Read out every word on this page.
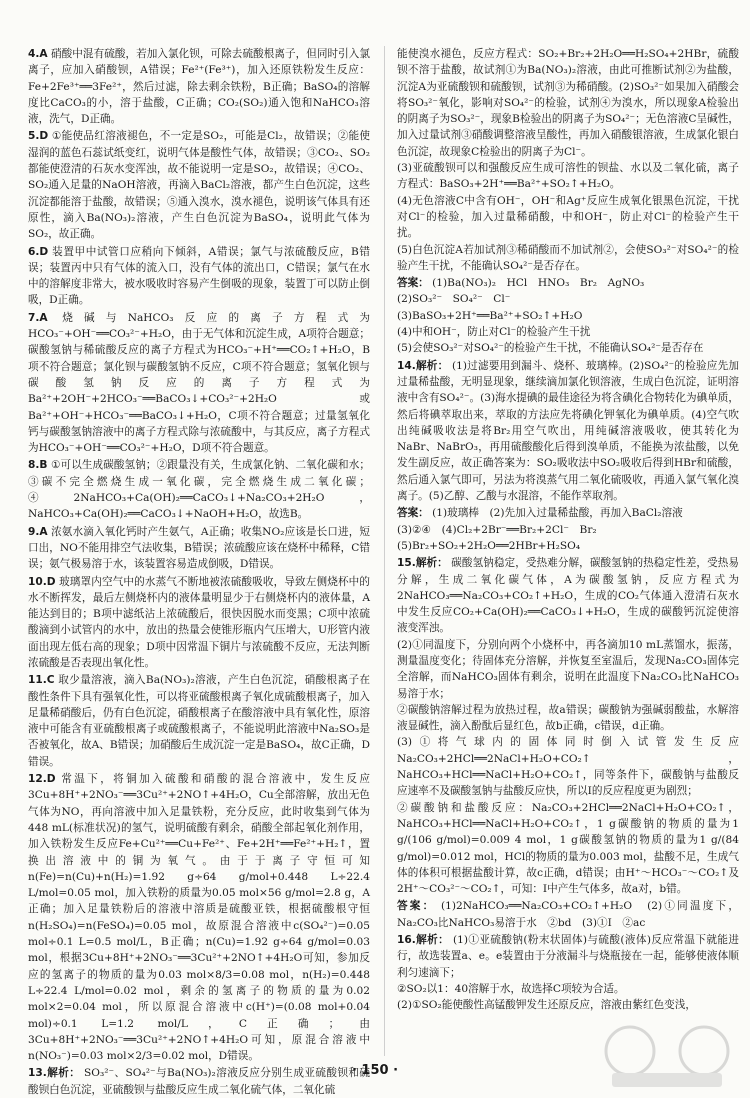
4.A 硝酸中混有硫酸，若加入氯化钡，可除去硫酸根离子，但同时引入氯离子，应加入硝酸钡，A错误；Fe²⁺(Fe³⁺)，加入还原铁粉发生反应：Fe+2Fe³⁺══3Fe²⁺，然后过滤，除去剩余铁粉，B正确；BaSO₄的溶解度比CaCO₃的小，溶于盐酸，C正确；CO₂(SO₂)通入饱和NaHCO₃溶液，洗气，D正确。
5.D ①能使品红溶液褪色，不一定是SO₂，可能是Cl₂，故错误；②能使湿润的蓝色石蕊试纸变红，说明气体是酸性气体，故错误；③CO₂、SO₂都能使澄清的石灰水变浑浊，故不能说明一定是SO₂，故错误；④CO₂、SO₂通入足量的NaOH溶液，再滴入BaCl₂溶液，都产生白色沉淀，这些沉淀都能溶于盐酸，故错误；⑤通入溴水，溴水褪色，说明该气体具有还原性，滴入Ba(NO₃)₂溶液，产生白色沉淀为BaSO₄，说明此气体为SO₂，故正确。
6.D 装置甲中试管口应稍向下倾斜，A错误；氯气与浓硫酸反应，B错误；装置丙中只有气体的流入口，没有气体的流出口，C错误；氯气在水中的溶解度非常大，被水吸收时容易产生倒吸的现象，装置丁可以防止倒吸，D正确。
7.A 烧碱与NaHCO₃反应的离子方程式为HCO₃⁻+OH⁻══CO₃²⁻+H₂O，由于无气体和沉淀生成，A项符合题意；碳酸氢钠与稀硫酸反应的离子方程式为HCO₃⁻+H⁺══CO₂↑+H₂O，B项不符合题意；氯化钡与碳酸氢钠不反应，C项不符合题意；氢氧化钡与碳酸氢钠反应的离子方程式为Ba²⁺+2OH⁻+2HCO₃⁻══BaCO₃↓+CO₃²⁻+2H₂O或Ba²⁺+OH⁻+HCO₃⁻══BaCO₃↓+H₂O，C项不符合题意；过量氢氧化钙与碳酸氢钠溶液中的离子方程式除与浓硫酸中，与其反应，离子方程式为HCO₃⁻+OH⁻══CO₃²⁻+H₂O，D项不符合题意。
8.B ①可以生成碳酸氢钠；②跟量没有关，生成氯化钠、二氧化碳和水；③碳不完全燃烧生成一氧化碳，完全燃烧生成二氧化碳；④2NaHCO₃+Ca(OH)₂══CaCO₃↓+Na₂CO₃+2H₂O，NaHCO₃+Ca(OH)₂══CaCO₃↓+NaOH+H₂O，故选B。
9.A 浓氨水滴入氧化钙时产生氨气，A正确；收集NO₂应该是长口进，短口出，NO不能用排空气法收集，B错误；浓硫酸应该在烧杯中稀释，C错误；氨气极易溶于水，该装置容易造成倒吸，D错误。
10.D 玻璃罩内空气中的水蒸气不断地被浓硫酸吸收，导致左侧烧杯中的水不断挥发，最后左侧烧杯内的液体量明显少于右侧烧杯内的液体量，A能达到目的；B项中滤纸沾上浓硫酸后，很快因脱水而变黑；C项中浓硫酸滴到小试管内的水中，放出的热量会使锥形瓶内气压增大，U形管内液面出现左低右高的现象；D项中因常温下铜片与浓硫酸不反应，无法判断浓硫酸是否表现出氧化性。
11.C 取少量溶液，滴入Ba(NO₃)₂溶液，产生白色沉淀，硝酸根离子在酸性条件下具有强氧化性，可以将亚硫酸根离子氧化成硫酸根离子，加入足量稀硝酸后，仍有白色沉淀，硝酸根离子在酸溶液中具有氧化性，原溶液中可能含有亚硫酸根离子或硫酸根离子，不能说明此溶液中Na₂SO₃是否被氧化，故A、B错误；加硝酸后生成沉淀一定是BaSO₄，故C正确，D错误。
12.D 常温下，将铜加入硫酸和硝酸的混合溶液中，发生反应3Cu+8H⁺+2NO₃⁻══3Cu²⁺+2NO↑+4H₂O，Cu全部溶解，放出无色气体为NO，再向溶液中加入足量铁粉，充分反应，此时收集到气体为448 mL(标准状况)的氢气，说明硫酸有剩余，硝酸全部起氧化剂作用，加入铁粉发生反应Fe+Cu²⁺══Cu+Fe²⁺、Fe+2H⁺══Fe²⁺+H₂↑，置换出溶液中的铜为氧气。由于于离子守恒可知n(Fe)=n(Cu)+n(H₂)=1.92 g÷64 g/mol+0.448 L÷22.4 L/mol=0.05 mol，加入铁粉的质量为0.05 mol×56 g/mol=2.8 g，A正确；加入足量铁粉后的溶液中溶质是硫酸亚铁，根据硫酸根守恒n(H₂SO₄)=n(FeSO₄)=0.05 mol，故原混合溶液中c(SO₄²⁻)=0.05 mol÷0.1 L=0.5 mol/L，B正确；n(Cu)=1.92 g÷64 g/mol=0.03 mol，根据3Cu+8H⁺+2NO₃⁻══3Cu²⁺+2NO↑+4H₂O可知，参加反应的氢离子的物质的量为0.03 mol×8/3=0.08 mol，n(H₂)=0.448 L÷22.4 L/mol=0.02 mol，剩余的氢离子的物质的量为0.02 mol×2=0.04 mol，所以原混合溶液中c(H⁺)=(0.08 mol+0.04 mol)÷0.1 L=1.2 mol/L，C正确；由3Cu+8H⁺+2NO₃⁻══3Cu²⁺+2NO↑+4H₂O可知，原混合溶液中n(NO₃⁻)=0.03 mol×2/3=0.02 mol，D错误。
13.解析： SO₃²⁻、SO₄²⁻与Ba(NO₃)₂溶液反应分别生成亚硫酸钡和硫酸钡白色沉淀，亚硫酸钡与盐酸反应生成二氧化硫气体，二氧化硫
能使溴水褪色，反应方程式：SO₂+Br₂+2H₂O══H₂SO₄+2HBr，硫酸钡不溶于盐酸，故试剂①为Ba(NO₃)₂溶液，由此可推断试剂②为盐酸，沉淀A为亚硫酸钡和硫酸钡，试剂③为稀硝酸。(2)SO₃²⁻如果加入硝酸会将SO₃²⁻氧化，影响对SO₄²⁻的检验，试剂④为溴水，所以现象A检验出的阴离子为SO₃²⁻，现象B检验出的阴离子为SO₄²⁻；无色溶液C呈碱性，加入过量试剂③硝酸调整溶液呈酸性，再加入硝酸银溶液，生成氯化银白色沉淀，故现象C检验出的阴离子为Cl⁻。
(3)亚硫酸钡可以和强酸反应生成可溶性的钡盐、水以及二氧化硫，离子方程式：BaSO₃+2H⁺══Ba²⁺+SO₂↑+H₂O。
(4)无色溶液C中含有OH⁻，OH⁻和Ag⁺反应生成氧化银黑色沉淀，干扰对Cl⁻的检验，加入过量稀硝酸，中和OH⁻，防止对Cl⁻的检验产生干扰。
(5)白色沉淀A若加试剂③稀硝酸而不加试剂②，会使SO₃²⁻对SO₄²⁻的检验产生干扰，不能确认SO₄²⁻是否存在。
答案： (1)Ba(NO₃)₂　HCl　HNO₃　Br₂　AgNO₃
(2)SO₃²⁻　SO₄²⁻　Cl⁻
(3)BaSO₃+2H⁺══Ba²⁺+SO₂↑+H₂O
(4)中和OH⁻，防止对Cl⁻的检验产生干扰
(5)会使SO₃²⁻对SO₄²⁻的检验产生干扰，不能确认SO₄²⁻是否存在
14.解析： (1)过滤要用到漏斗、烧杯、玻璃棒。(2)SO₄²⁻的检验应先加过量稀盐酸，无明显现象，继续滴加氯化钡溶液，生成白色沉淀，证明溶液中含有SO₄²⁻。(3)海水提碘的最佳途径为将含碘化合物转化为碘单质，然后将碘萃取出来，萃取的方法应先将碘化钾氧化为碘单质。(4)空气吹出纯碱吸收法是将Br₂用空气吹出，用纯碱溶液吸收，使其转化为NaBr、NaBrO₃，再用硫酸酸化后得到溴单质，不能换为浓盐酸，以免发生副反应，故正确答案为：SO₂吸收法中SO₂吸收后得到HBr和硫酸，然后通入氯气即可，另法为将溴蒸气用二氧化硫吸收，再通入氯气氧化溴离子。(5)乙醇、乙酸与水混溶，不能作萃取剂。
答案： (1)玻璃棒　(2)先加入过量稀盐酸，再加入BaCl₂溶液
(3)②④　(4)Cl₂+2Br⁻══Br₂+2Cl⁻　Br₂
(5)Br₂+SO₂+2H₂O══2HBr+H₂SO₄
15.解析： 碳酸氢钠稳定，受热难分解，碳酸氢钠的热稳定性差，受热易分解，生成二氧化碳气体，A为碳酸氢钠，反应方程式为2NaHCO₃══Na₂CO₃+CO₂↑+H₂O，生成的CO₂气体通入澄清石灰水中发生反应CO₂+Ca(OH)₂══CaCO₃↓+H₂O，生成的碳酸钙沉淀使溶液变浑浊。
(2)①同温度下，分别向两个小烧杯中，再各滴加10 mL蒸馏水，振荡，测量温度变化；待固体充分溶解，并恢复至室温后，发现Na₂CO₃固体完全溶解，而NaHCO₃固体有剩余，说明在此温度下Na₂CO₃比NaHCO₃易溶于水；
②碳酸钠溶解过程为放热过程，故a错误；碳酸钠为强碱弱酸盐，水解溶液显碱性，滴入酚酞后显红色，故b正确，c错误，d正确。
(3)①将气球内的固体同时倒入试管发生反应Na₂CO₃+2HCl══2NaCl+H₂O+CO₂↑，NaHCO₃+HCl══NaCl+H₂O+CO₂↑，同等条件下，碳酸钠与盐酸反应速率不及碳酸氢钠与盐酸反应快，所以Ⅰ的反应程度更为剧烈；
②碳酸钠和盐酸反应：Na₂CO₃+2HCl══2NaCl+H₂O+CO₂↑，NaHCO₃+HCl══NaCl+H₂O+CO₂↑，1 g碳酸钠的物质的量为1 g/(106 g/mol)=0.009 4 mol，1 g碳酸氢钠的物质的量为1 g/(84 g/mol)=0.012 mol，HCl的物质的量为0.003 mol，盐酸不足，生成气体的体积可根据盐酸计算，故c正确，d错误；由H⁺～HCO₃⁻～CO₂↑及2H⁺～CO₃²⁻～CO₂↑，可知：Ⅰ中产生气体多，故a对，b错。
答案： (1)2NaHCO₃══Na₂CO₃+CO₂↑+H₂O　(2)①同温度下，Na₂CO₃比NaHCO₃易溶于水　②bd　(3)①Ⅰ　②ac
16.解析： (1)①亚硫酸钠(粉末状固体)与硫酸(液体)反应常温下就能进行，故选装置a、e。e装置由于分液漏斗与烧瓶接在一起，能够使液体顺利匀速滴下；
②SO₂以1：40溶解于水，故选择C项较为合适。
(2)①SO₂能使酸性高锰酸钾发生还原反应，溶液由紫红色变浅，
· 150 ·
